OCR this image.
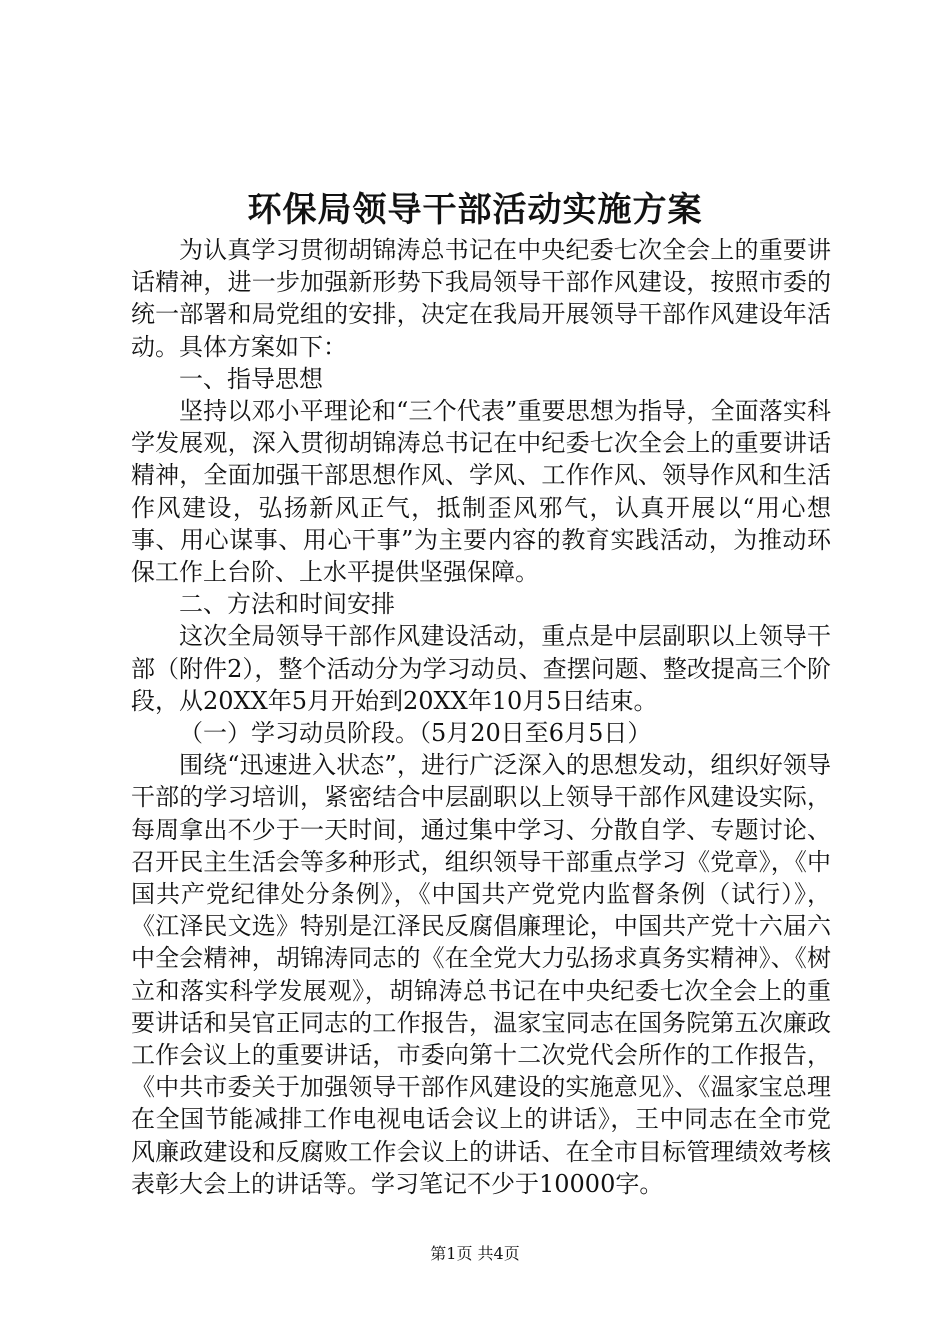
环保局领导干部活动实施方案

为认真学习贯彻胡锦涛总书记在中央纪委七次全会上的重要讲话精神，进一步加强新形势下我局领导干部作风建设，按照市委的统一部署和局党组的安排，决定在我局开展领导干部作风建设年活动。具体方案如下：

一、指导思想

坚持以邓小平理论和“三个代表”重要思想为指导，全面落实科学发展观，深入贯彻胡锦涛总书记在中纪委七次全会上的重要讲话精神，全面加强干部思想作风、学风、工作作风、领导作风和生活作风建设，弘扬新风正气，抵制歪风邪气，认真开展以“用心想事、用心谋事、用心干事”为主要内容的教育实践活动，为推动环保工作上台阶、上水平提供坚强保障。

二、方法和时间安排

这次全局领导干部作风建设活动，重点是中层副职以上领导干部（附件2），整个活动分为学习动员、查摆问题、整改提高三个阶段，从20XX年5月开始到20XX年10月5日结束。

（一）学习动员阶段。（5月20日至6月5日）

围绕“迅速进入状态”，进行广泛深入的思想发动，组织好领导干部的学习培训，紧密结合中层副职以上领导干部作风建设实际，每周拿出不少于一天时间，通过集中学习、分散自学、专题讨论、召开民主生活会等多种形式，组织领导干部重点学习《党章》，《中国共产党纪律处分条例》，《中国共产党党内监督条例（试行）》，《江泽民文选》特别是江泽民反腐倡廉理论，中国共产党十六届六中全会精神，胡锦涛同志的《在全党大力弘扬求真务实精神》、《树立和落实科学发展观》，胡锦涛总书记在中央纪委七次全会上的重要讲话和吴官正同志的工作报告，温家宝同志在国务院第五次廉政工作会议上的重要讲话，市委向第十二次党代会所作的工作报告，《中共市委关于加强领导干部作风建设的实施意见》、《温家宝总理在全国节能减排工作电视电话会议上的讲话》，王中同志在全市党风廉政建设和反腐败工作会议上的讲话、在全市目标管理绩效考核表彰大会上的讲话等。学习笔记不少于10000字。

第1页 共4页
